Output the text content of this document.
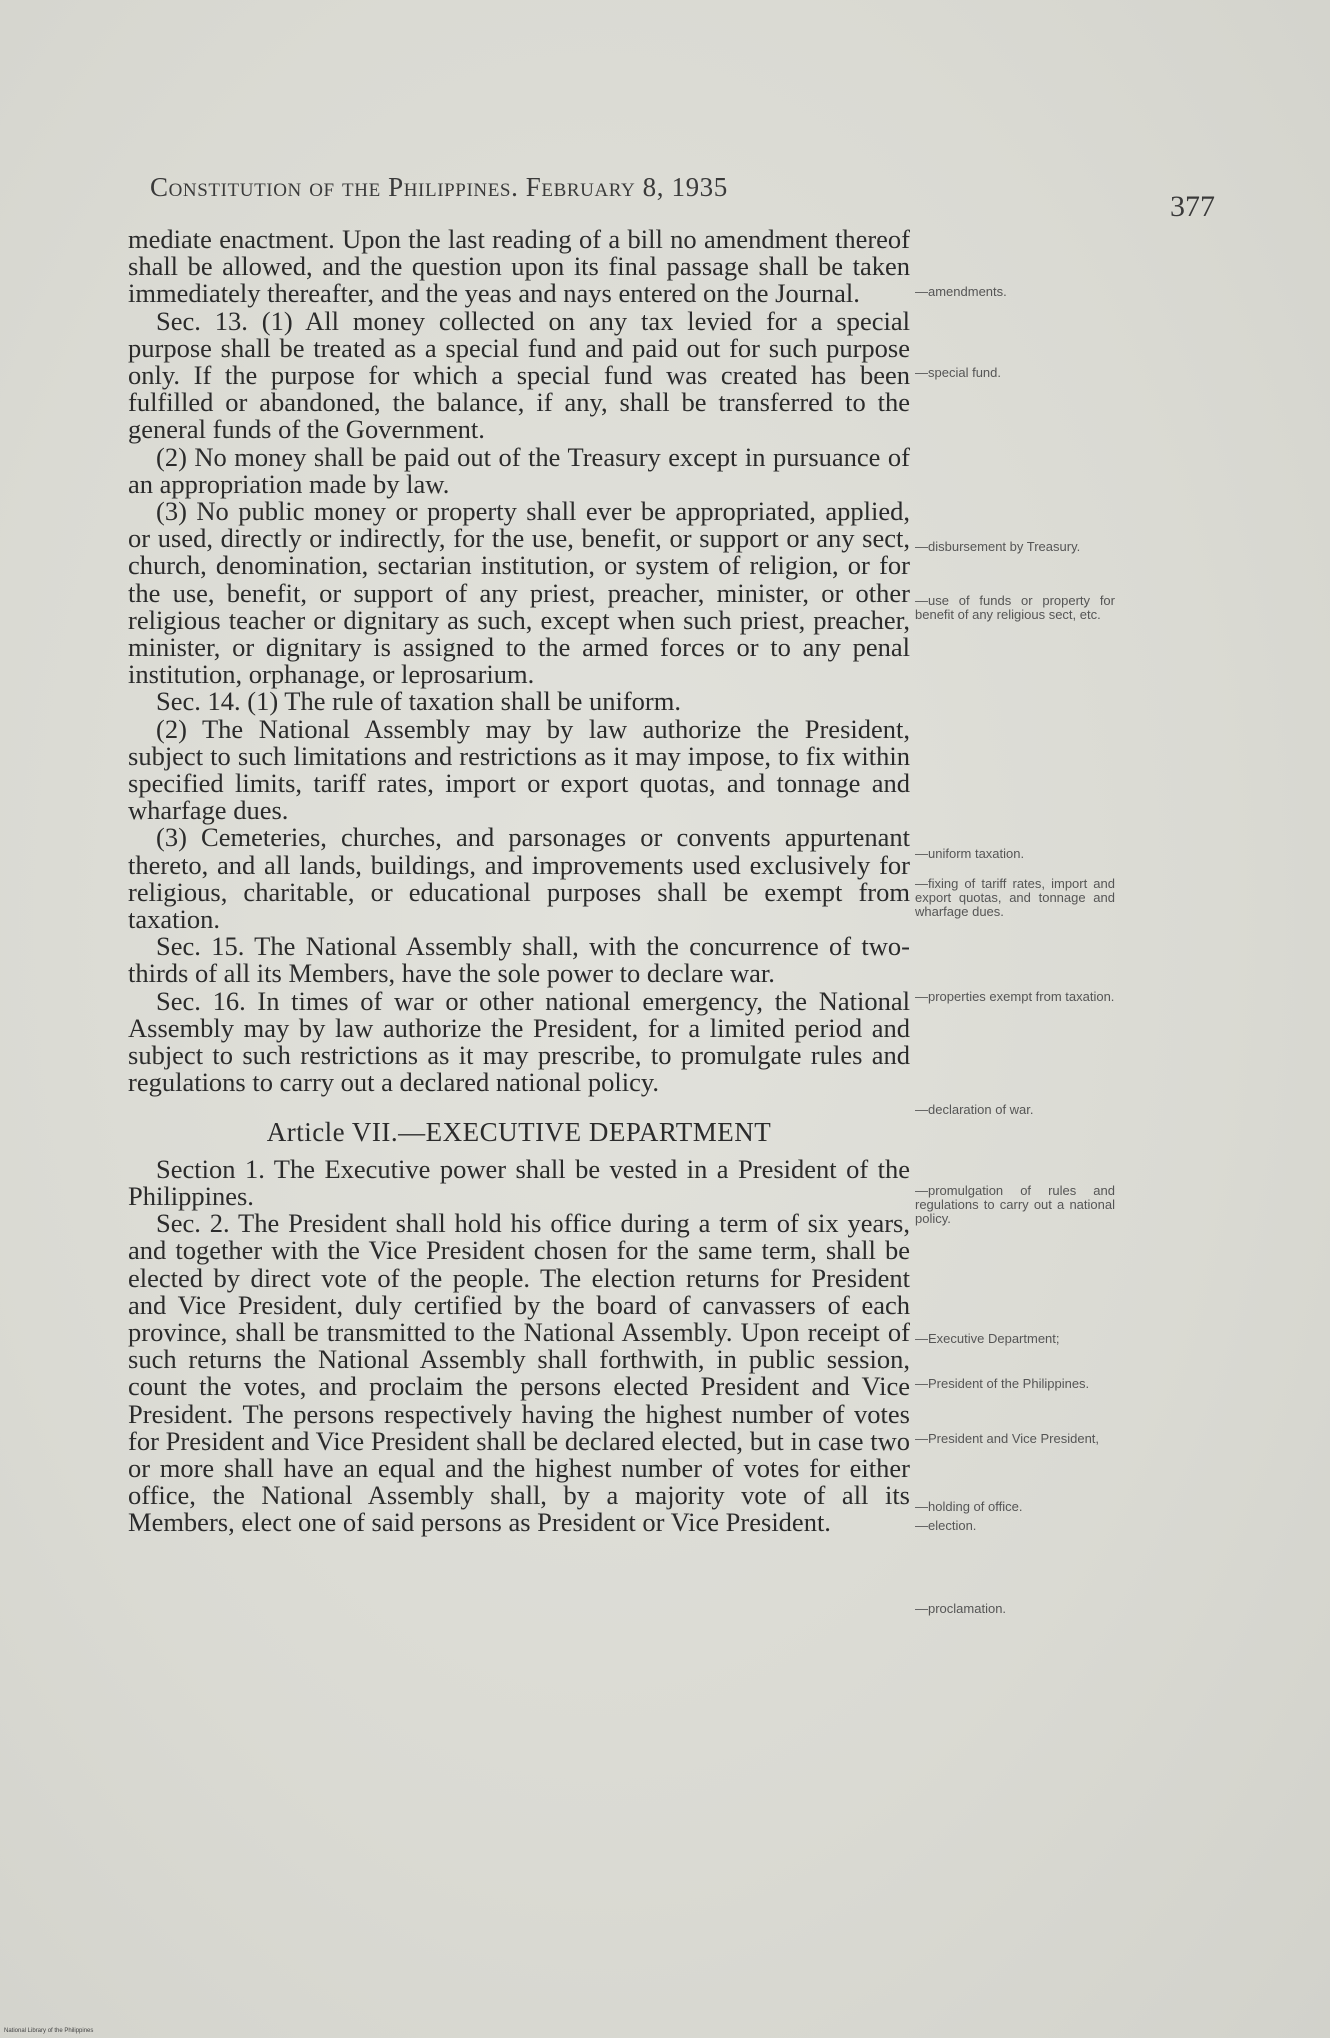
Constitution of the Philippines. February 8, 1935
377

mediate enactment. Upon the last reading of a bill no amendment thereof shall be allowed, and the question upon its final passage shall be taken immediately thereafter, and the yeas and nays entered on the Journal.

Sec. 13. (1) All money collected on any tax levied for a special purpose shall be treated as a special fund and paid out for such purpose only. If the purpose for which a special fund was created has been fulfilled or abandoned, the balance, if any, shall be transferred to the general funds of the Government.

(2) No money shall be paid out of the Treasury except in pursuance of an appropriation made by law.

(3) No public money or property shall ever be appropriated, applied, or used, directly or indirectly, for the use, benefit, or support or any sect, church, denomination, sectarian institution, or system of religion, or for the use, benefit, or support of any priest, preacher, minister, or other religious teacher or dignitary as such, except when such priest, preacher, minister, or dignitary is assigned to the armed forces or to any penal institution, orphanage, or leprosarium.

Sec. 14. (1) The rule of taxation shall be uniform.

(2) The National Assembly may by law authorize the President, subject to such limitations and restrictions as it may impose, to fix within specified limits, tariff rates, import or export quotas, and tonnage and wharfage dues.

(3) Cemeteries, churches, and parsonages or convents appurtenant thereto, and all lands, buildings, and improvements used exclusively for religious, charitable, or educational purposes shall be exempt from taxation.

Sec. 15. The National Assembly shall, with the concurrence of two-thirds of all its Members, have the sole power to declare war.

Sec. 16. In times of war or other national emergency, the National Assembly may by law authorize the President, for a limited period and subject to such restrictions as it may prescribe, to promulgate rules and regulations to carry out a declared national policy.

Article VII.—EXECUTIVE DEPARTMENT

Section 1. The Executive power shall be vested in a President of the Philippines.

Sec. 2. The President shall hold his office during a term of six years, and together with the Vice President chosen for the same term, shall be elected by direct vote of the people. The election returns for President and Vice President, duly certified by the board of canvassers of each province, shall be transmitted to the National Assembly. Upon receipt of such returns the National Assembly shall forthwith, in public session, count the votes, and proclaim the persons elected President and Vice President. The persons respectively having the highest number of votes for President and Vice President shall be declared elected, but in case two or more shall have an equal and the highest number of votes for either office, the National Assembly shall, by a majority vote of all its Members, elect one of said persons as President or Vice President.

—amendments.
—special fund.
—disbursement by Treasury.
—use of funds or property for benefit of any religious sect, etc.
—uniform taxation.
—fixing of tariff rates, import and export quotas, and tonnage and wharfage dues.
—properties exempt from taxation.
—declaration of war.
—promulgation of rules and regulations to carry out a national policy.
—Executive Department;
—President of the Philippines.
—President and Vice President,
—holding of office.
—election.
—proclamation.
National Library of the Philippines
